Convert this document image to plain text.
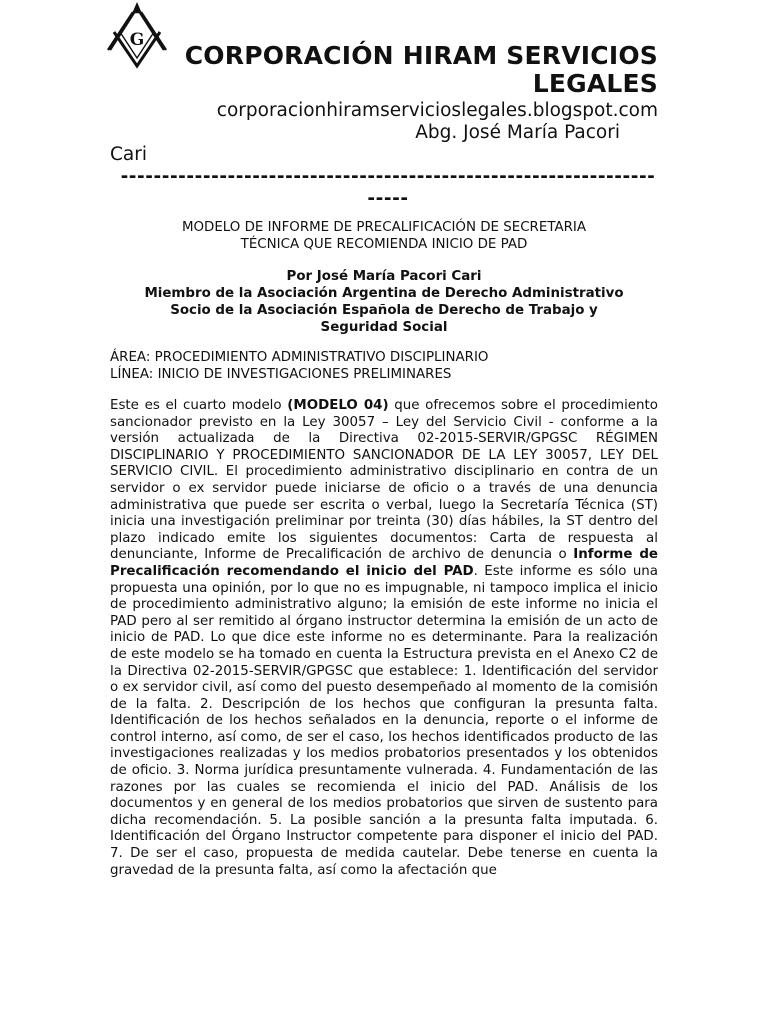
G
CORPORACIÓN HIRAM SERVICIOS LEGALES
corporacionhiramservicioslegales.blogspot.com
Abg. José María Pacori
Cari
----------------------------------------------------------------------
MODELO DE INFORME DE PRECALIFICACIÓN DE SECRETARIA
TÉCNICA QUE RECOMIENDA INICIO DE PAD
Por José María Pacori Cari
Miembro de la Asociación Argentina de Derecho Administrativo
Socio de la Asociación Española de Derecho de Trabajo y
Seguridad Social
ÁREA: PROCEDIMIENTO ADMINISTRATIVO DISCIPLINARIO
LÍNEA: INICIO DE INVESTIGACIONES PRELIMINARES
Este es el cuarto modelo (MODELO 04) que ofrecemos sobre el procedimiento sancionador previsto en la Ley 30057 – Ley del Servicio Civil - conforme a la versión actualizada de la Directiva 02-2015-SERVIR/GPGSC RÉGIMEN DISCIPLINARIO Y PROCEDIMIENTO SANCIONADOR DE LA LEY 30057, LEY DEL SERVICIO CIVIL. El procedimiento administrativo disciplinario en contra de un servidor o ex servidor puede iniciarse de oficio o a través de una denuncia administrativa que puede ser escrita o verbal, luego la Secretaría Técnica (ST) inicia una investigación preliminar por treinta (30) días hábiles, la ST dentro del plazo indicado emite los siguientes documentos: Carta de respuesta al denunciante, Informe de Precalificación de archivo de denuncia o Informe de Precalificación recomendando el inicio del PAD. Este informe es sólo una propuesta una opinión, por lo que no es impugnable, ni tampoco implica el inicio de procedimiento administrativo alguno; la emisión de este informe no inicia el PAD pero al ser remitido al órgano instructor determina la emisión de un acto de inicio de PAD. Lo que dice este informe no es determinante. Para la realización de este modelo se ha tomado en cuenta la Estructura prevista en el Anexo C2 de la Directiva 02-2015-SERVIR/GPGSC que establece: 1. Identificación del servidor o ex servidor civil, así como del puesto desempeñado al momento de la comisión de la falta. 2. Descripción de los hechos que configuran la presunta falta. Identificación de los hechos señalados en la denuncia, reporte o el informe de control interno, así como, de ser el caso, los hechos identificados producto de las investigaciones realizadas y los medios probatorios presentados y los obtenidos de oficio. 3. Norma jurídica presuntamente vulnerada. 4. Fundamentación de las razones por las cuales se recomienda el inicio del PAD. Análisis de los documentos y en general de los medios probatorios que sirven de sustento para dicha recomendación. 5. La posible sanción a la presunta falta imputada. 6. Identificación del Órgano Instructor competente para disponer el inicio del PAD. 7. De ser el caso, propuesta de medida cautelar. Debe tenerse en cuenta la gravedad de la presunta falta, así como la afectación que
